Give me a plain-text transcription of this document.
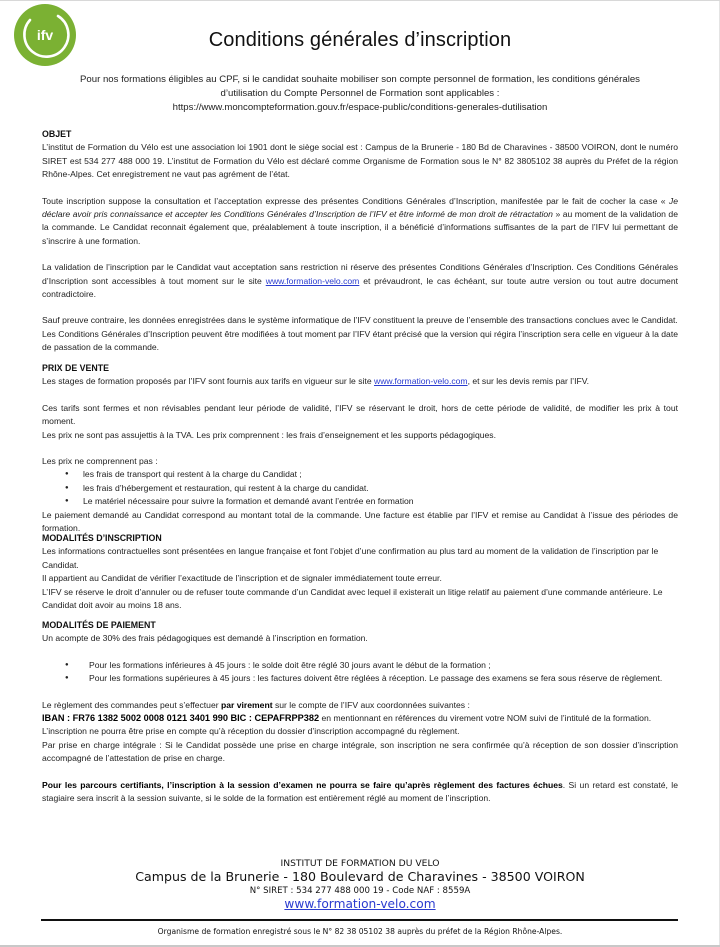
ifv	Conditions générales d’inscription
Pour nos formations éligibles au CPF, si le candidat souhaite mobiliser son compte personnel de formation, les conditions générales
d’utilisation du Compte Personnel de Formation sont applicables :
https://www.moncompteformation.gouv.fr/espace-public/conditions-generales-dutilisation
OBJET
L’institut de Formation du Vélo est une association loi 1901 dont le siège social est : Campus de la Brunerie - 180 Bd de Charavines - 38500 VOIRON, dont le numéro SIRET est 534 277 488 000 19. L’institut de Formation du Vélo est déclaré comme Organisme de Formation sous le N° 82 3805102 38 auprès du Préfet de la région Rhône-Alpes. Cet enregistrement ne vaut pas agrément de l’état.
Toute inscription suppose la consultation et l’acceptation expresse des présentes Conditions Générales d’Inscription, manifestée par le fait de cocher la case « Je déclare avoir pris connaissance et accepter les Conditions Générales d’Inscription de l’IFV et être informé de mon droit de rétractation » au moment de la validation de la commande. Le Candidat reconnait également que, préalablement à toute inscription, il a bénéficié d’informations suffisantes de la part de l’IFV lui permettant de s’inscrire à une formation.
La validation de l’inscription par le Candidat vaut acceptation sans restriction ni réserve des présentes Conditions Générales d’Inscription. Ces Conditions Générales d’Inscription sont accessibles à tout moment sur le site www.formation-velo.com et prévaudront, le cas échéant, sur toute autre version ou tout autre document contradictoire.
Sauf preuve contraire, les données enregistrées dans le système informatique de l’IFV constituent la preuve de l’ensemble des transactions conclues avec le Candidat.
Les Conditions Générales d’Inscription peuvent être modifiées à tout moment par l’IFV étant précisé que la version qui régira l’inscription sera celle en vigueur à la date de passation de la commande.
PRIX DE VENTE
Les stages de formation proposés par l’IFV sont fournis aux tarifs en vigueur sur le site www.formation-velo.com, et sur les devis remis par l’IFV.
Ces tarifs sont fermes et non révisables pendant leur période de validité, l’IFV se réservant le droit, hors de cette période de validité, de modifier les prix à tout moment.
Les prix ne sont pas assujettis à la TVA. Les prix comprennent : les frais d’enseignement et les supports pédagogiques.
Les prix ne comprennent pas :
● les frais de transport qui restent à la charge du Candidat ;
● les frais d’hébergement et restauration, qui restent à la charge du candidat.
● Le matériel nécessaire pour suivre la formation et demandé avant l’entrée en formation
Le paiement demandé au Candidat correspond au montant total de la commande. Une facture est établie par l’IFV et remise au Candidat à l’issue des périodes de formation.
MODALITÉS D’INSCRIPTION
Les informations contractuelles sont présentées en langue française et font l’objet d’une confirmation au plus tard au moment de la validation de l’inscription par le Candidat.
Il appartient au Candidat de vérifier l’exactitude de l’inscription et de signaler immédiatement toute erreur.
L’IFV se réserve le droit d’annuler ou de refuser toute commande d’un Candidat avec lequel il existerait un litige relatif au paiement d’une commande antérieure. Le Candidat doit avoir au moins 18 ans.
MODALITÉS DE PAIEMENT
Un acompte de 30% des frais pédagogiques est demandé à l’inscription en formation.
● Pour les formations inférieures à 45 jours : le solde doit être réglé 30 jours avant le début de la formation ;
● Pour les formations supérieures à 45 jours : les factures doivent être réglées à réception. Le passage des examens se fera sous réserve de règlement.
Le règlement des commandes peut s’effectuer par virement sur le compte de l’IFV aux coordonnées suivantes :
IBAN : FR76 1382 5002 0008 0121 3401 990 BIC : CEPAFRPP382 en mentionnant en références du virement votre NOM suivi de l’intitulé de la formation.
L’inscription ne pourra être prise en compte qu’à réception du dossier d’inscription accompagné du règlement.
Par prise en charge intégrale : Si le Candidat possède une prise en charge intégrale, son inscription ne sera confirmée qu’à réception de son dossier d’inscription accompagné de l’attestation de prise en charge.
Pour les parcours certifiants, l’inscription à la session d’examen ne pourra se faire qu’après règlement des factures échues. Si un retard est constaté, le stagiaire sera inscrit à la session suivante, si le solde de la formation est entièrement réglé au moment de l’inscription.
INSTITUT DE FORMATION DU VELO
Campus de la Brunerie - 180 Boulevard de Charavines - 38500 VOIRON
N° SIRET : 534 277 488 000 19 - Code NAF : 8559A
www.formation-velo.com
Organisme de formation enregistré sous le N° 82 38 05102 38 auprès du préfet de la Région Rhône-Alpes.
